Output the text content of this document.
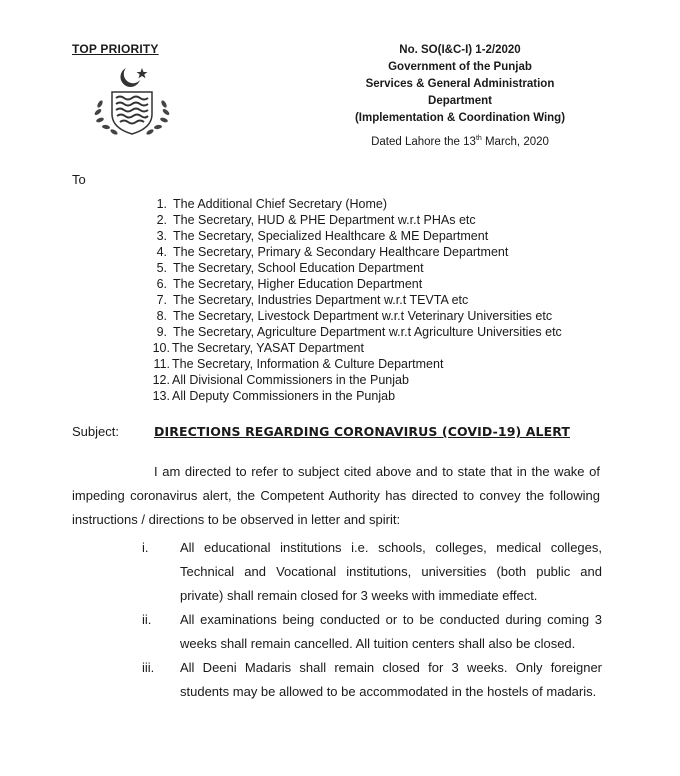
TOP PRIORITY	No. SO(I&C-I) 1-2/2020
Government of the Punjab
Services & General Administration
Department
(Implementation & Coordination Wing)
Dated Lahore the 13th March, 2020
To
1. The Additional Chief Secretary (Home)
2. The Secretary, HUD & PHE Department w.r.t PHAs etc
3. The Secretary, Specialized Healthcare & ME Department
4. The Secretary, Primary & Secondary Healthcare Department
5. The Secretary, School Education Department
6. The Secretary, Higher Education Department
7. The Secretary, Industries Department w.r.t TEVTA etc
8. The Secretary, Livestock Department w.r.t Veterinary Universities etc
9. The Secretary, Agriculture Department w.r.t Agriculture Universities etc
10. The Secretary, YASAT Department
11. The Secretary, Information & Culture Department
12. All Divisional Commissioners in the Punjab
13. All Deputy Commissioners in the Punjab
Subject:	DIRECTIONS REGARDING CORONAVIRUS (COVID-19) ALERT

I am directed to refer to subject cited above and to state that in the wake of impeding coronavirus alert, the Competent Authority has directed to convey the following instructions / directions to be observed in letter and spirit:

i.	All educational institutions i.e. schools, colleges, medical colleges, Technical and Vocational institutions, universities (both public and private) shall remain closed for 3 weeks with immediate effect.
ii.	All examinations being conducted or to be conducted during coming 3 weeks shall remain cancelled. All tuition centers shall also be closed.
iii.	All Deeni Madaris shall remain closed for 3 weeks. Only foreigner students may be allowed to be accommodated in the hostels of madaris.
